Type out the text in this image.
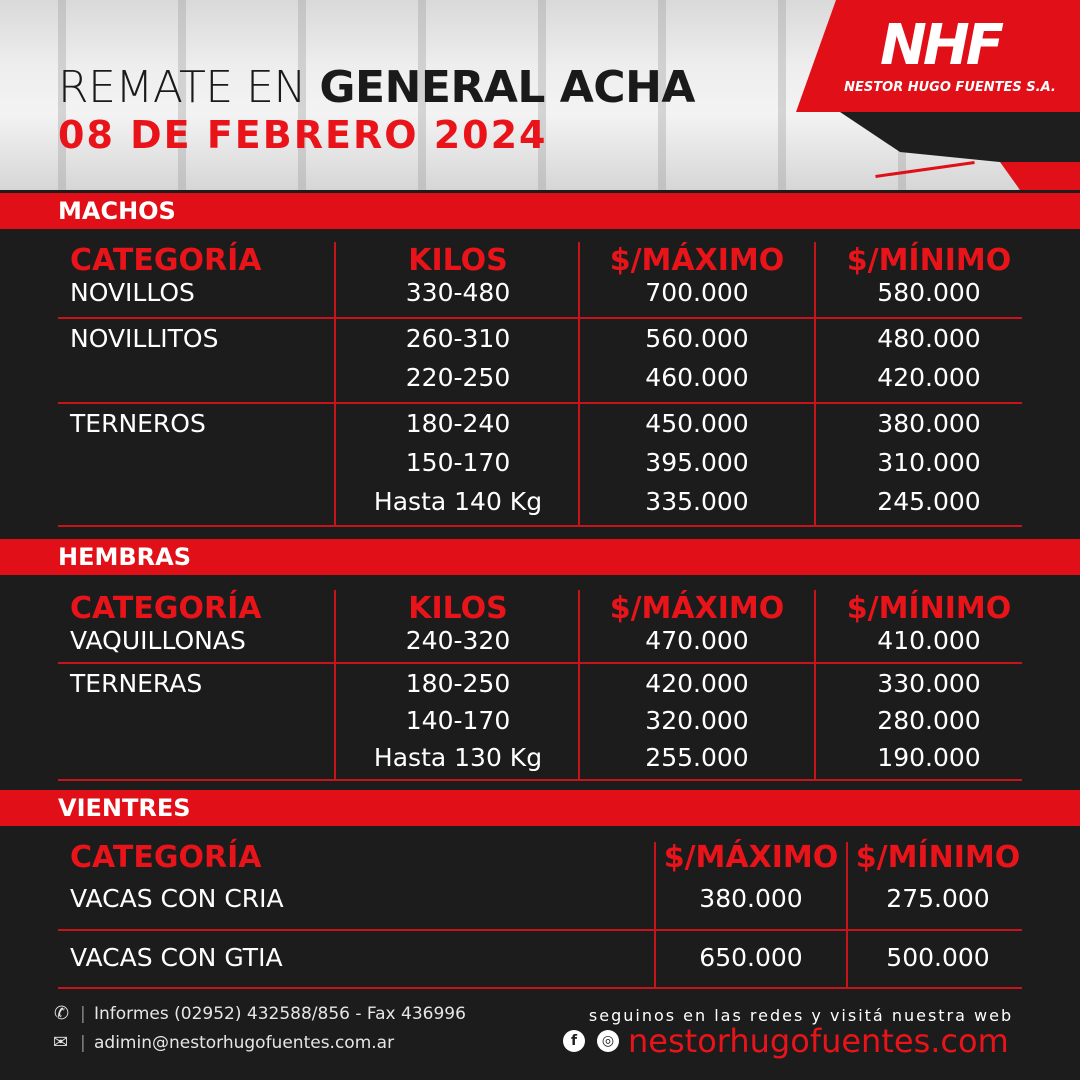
REMATE EN GENERAL ACHA
08 DE FEBRERO 2024
NHF
NESTOR HUGO FUENTES S.A.
MACHOS
CATEGORÍA	KILOS	$/MÁXIMO	$/MÍNIMO
NOVILLOS	330-480	700.000	580.000
NOVILLITOS	260-310	560.000	480.000
220-250	460.000	420.000
TERNEROS	180-240	450.000	380.000
150-170	395.000	310.000
Hasta 140 Kg	335.000	245.000
HEMBRAS
CATEGORÍA	KILOS	$/MÁXIMO	$/MÍNIMO
VAQUILLONAS	240-320	470.000	410.000
TERNERAS	180-250	420.000	330.000
140-170	320.000	280.000
Hasta 130 Kg	255.000	190.000
VIENTRES
CATEGORÍA	$/MÁXIMO $/MÍNIMO
VACAS CON CRIA	380.000	275.000
VACAS CON GTIA	650.000	500.000
✆ | Informes (02952) 432588/856 - Fax 436996
✉ | adimin@nestorhugofuentes.com.ar
seguinos en las redes y visitá nuestra web
f	◎ nestorhugofuentes.com
